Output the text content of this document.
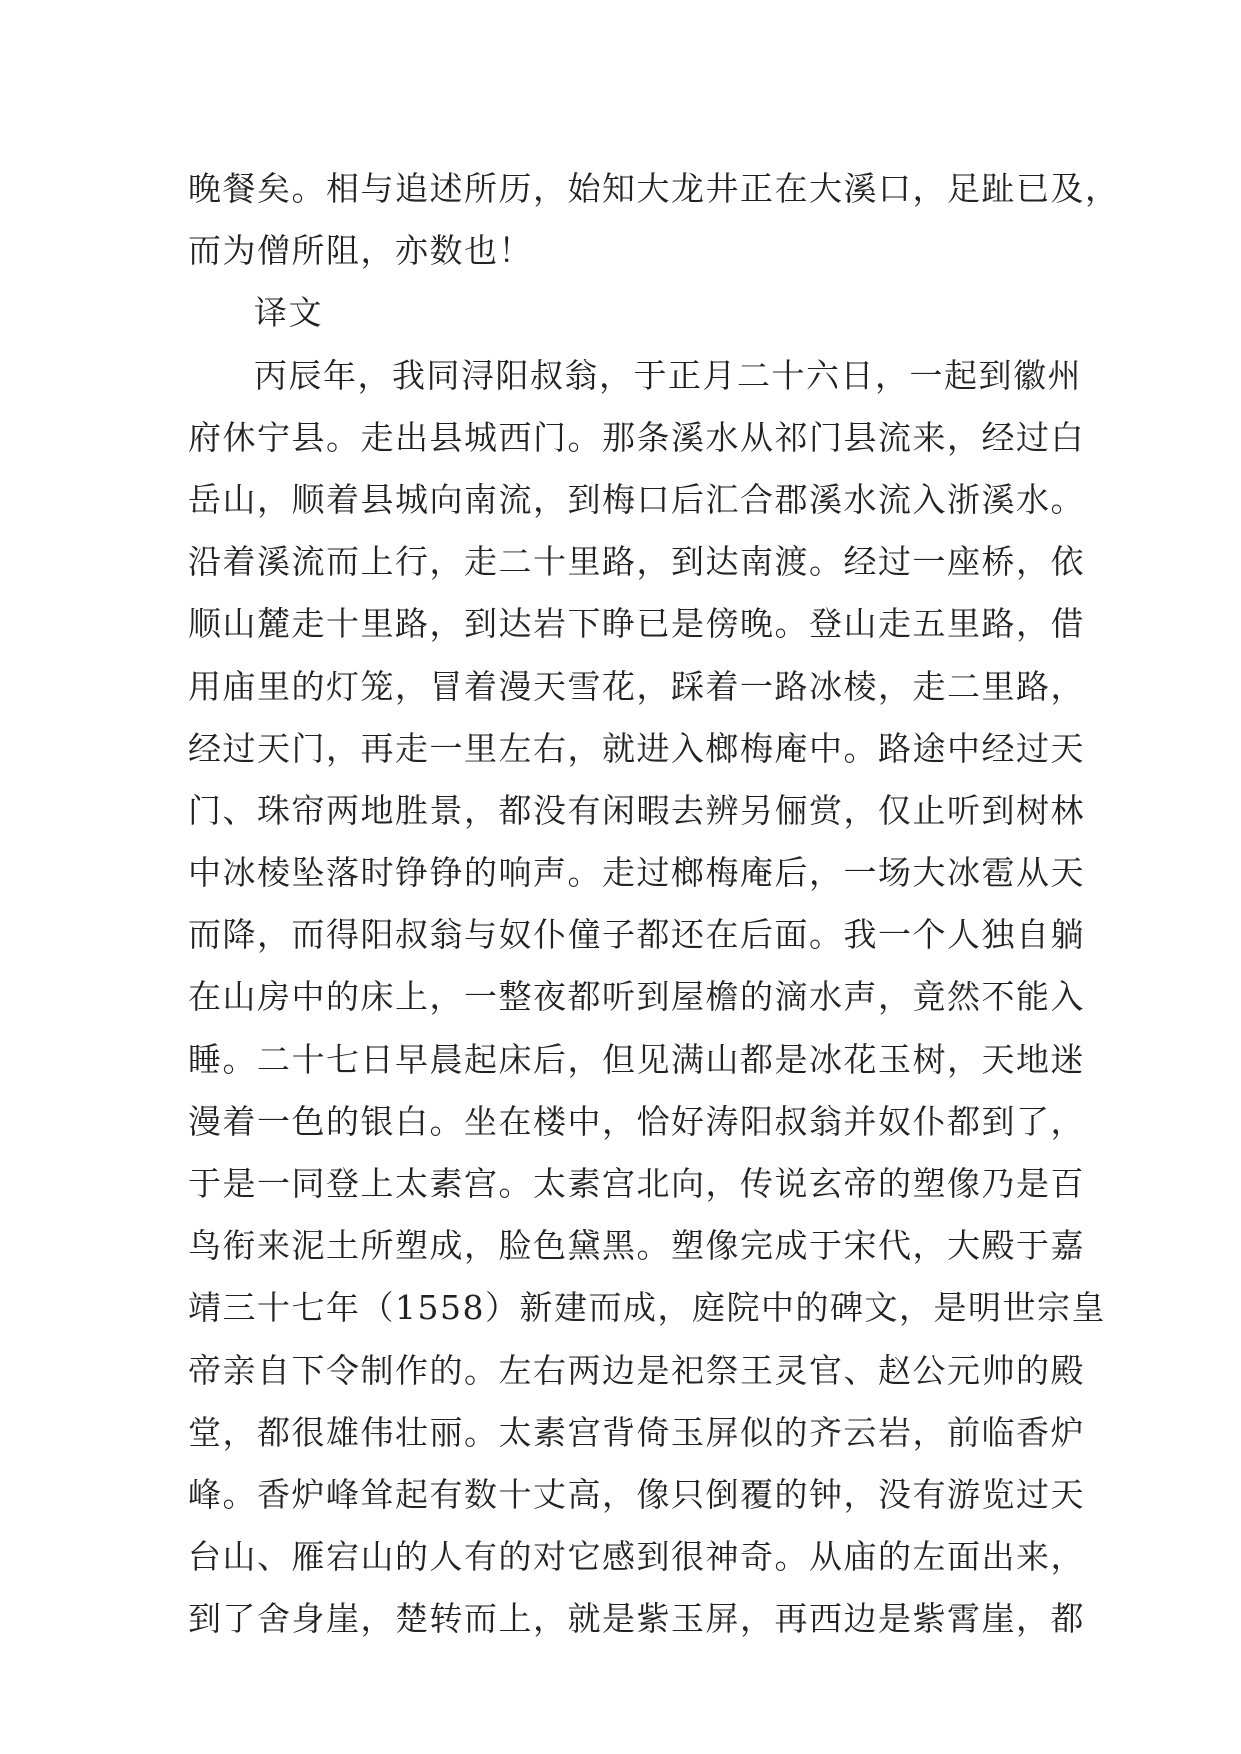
晚餐矣。相与追述所历，始知大龙井正在大溪口，足趾已及，
而为僧所阻，亦数也！
译文
丙辰年，我同浔阳叔翁，于正月二十六日，一起到徽州
府休宁县。走出县城西门。那条溪水从祁门县流来，经过白
岳山，顺着县城向南流，到梅口后汇合郡溪水流入浙溪水。
沿着溪流而上行，走二十里路，到达南渡。经过一座桥，依
顺山麓走十里路，到达岩下睁已是傍晚。登山走五里路，借
用庙里的灯笼，冒着漫天雪花，踩着一路冰棱，走二里路，
经过天门，再走一里左右，就进入榔梅庵中。路途中经过天
门、珠帘两地胜景，都没有闲暇去辨另俪赏，仅止听到树林
中冰棱坠落时铮铮的响声。走过榔梅庵后，一场大冰雹从天
而降，而得阳叔翁与奴仆僮子都还在后面。我一个人独自躺
在山房中的床上，一整夜都听到屋檐的滴水声，竟然不能入
睡。二十七日早晨起床后，但见满山都是冰花玉树，天地迷
漫着一色的银白。坐在楼中，恰好涛阳叔翁并奴仆都到了，
于是一同登上太素宫。太素宫北向，传说玄帝的塑像乃是百
鸟衔来泥土所塑成，脸色黛黑。塑像完成于宋代，大殿于嘉
靖三十七年（1558）新建而成，庭院中的碑文，是明世宗皇
帝亲自下令制作的。左右两边是祀祭王灵官、赵公元帅的殿
堂，都很雄伟壮丽。太素宫背倚玉屏似的齐云岩，前临香炉
峰。香炉峰耸起有数十丈高，像只倒覆的钟，没有游览过天
台山、雁宕山的人有的对它感到很神奇。从庙的左面出来，
到了舍身崖，楚转而上，就是紫玉屏，再西边是紫霄崖，都
